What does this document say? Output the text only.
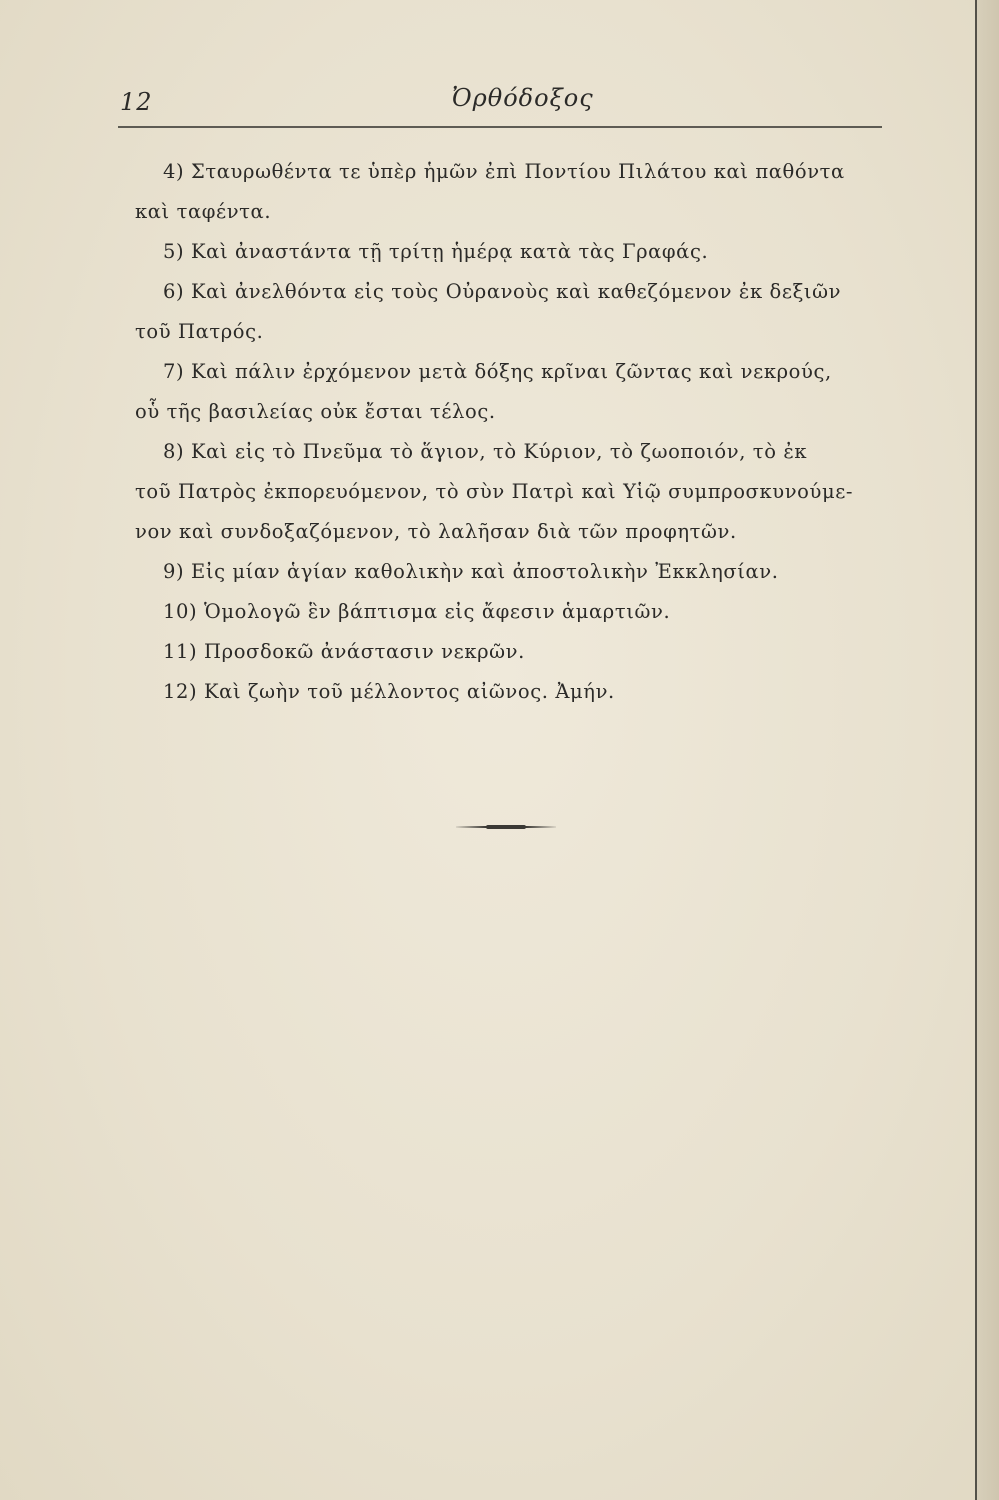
12	Ὀρθόδοξος
4) Σταυρωθέντα τε ὑπὲρ ἡμῶν ἐπὶ Ποντίου Πιλάτου καὶ παθόντα
καὶ ταφέντα.
5) Καὶ ἀναστάντα τῇ τρίτῃ ἡμέρᾳ κατὰ τὰς Γραφάς.
6) Καὶ ἀνελθόντα εἰς τοὺς Οὐρανοὺς καὶ καθεζόμενον ἐκ δεξιῶν
τοῦ Πατρός.
7) Καὶ πάλιν ἐρχόμενον μετὰ δόξης κρῖναι ζῶντας καὶ νεκρούς,
οὗ τῆς βασιλείας οὐκ ἔσται τέλος.
8) Καὶ εἰς τὸ Πνεῦμα τὸ ἅγιον, τὸ Κύριον, τὸ ζωοποιόν, τὸ ἐκ
τοῦ Πατρὸς ἐκπορευόμενον, τὸ σὺν Πατρὶ καὶ Υἱῷ συμπροσκυνούμε-
νον καὶ συνδοξαζόμενον, τὸ λαλῆσαν διὰ τῶν προφητῶν.
9) Εἰς μίαν ἁγίαν καθολικὴν καὶ ἀποστολικὴν Ἐκκλησίαν.
10) Ὁμολογῶ ἓν βάπτισμα εἰς ἄφεσιν ἁμαρτιῶν.
11) Προσδοκῶ ἀνάστασιν νεκρῶν.
12) Καὶ ζωὴν τοῦ μέλλοντος αἰῶνος. Ἀμήν.
